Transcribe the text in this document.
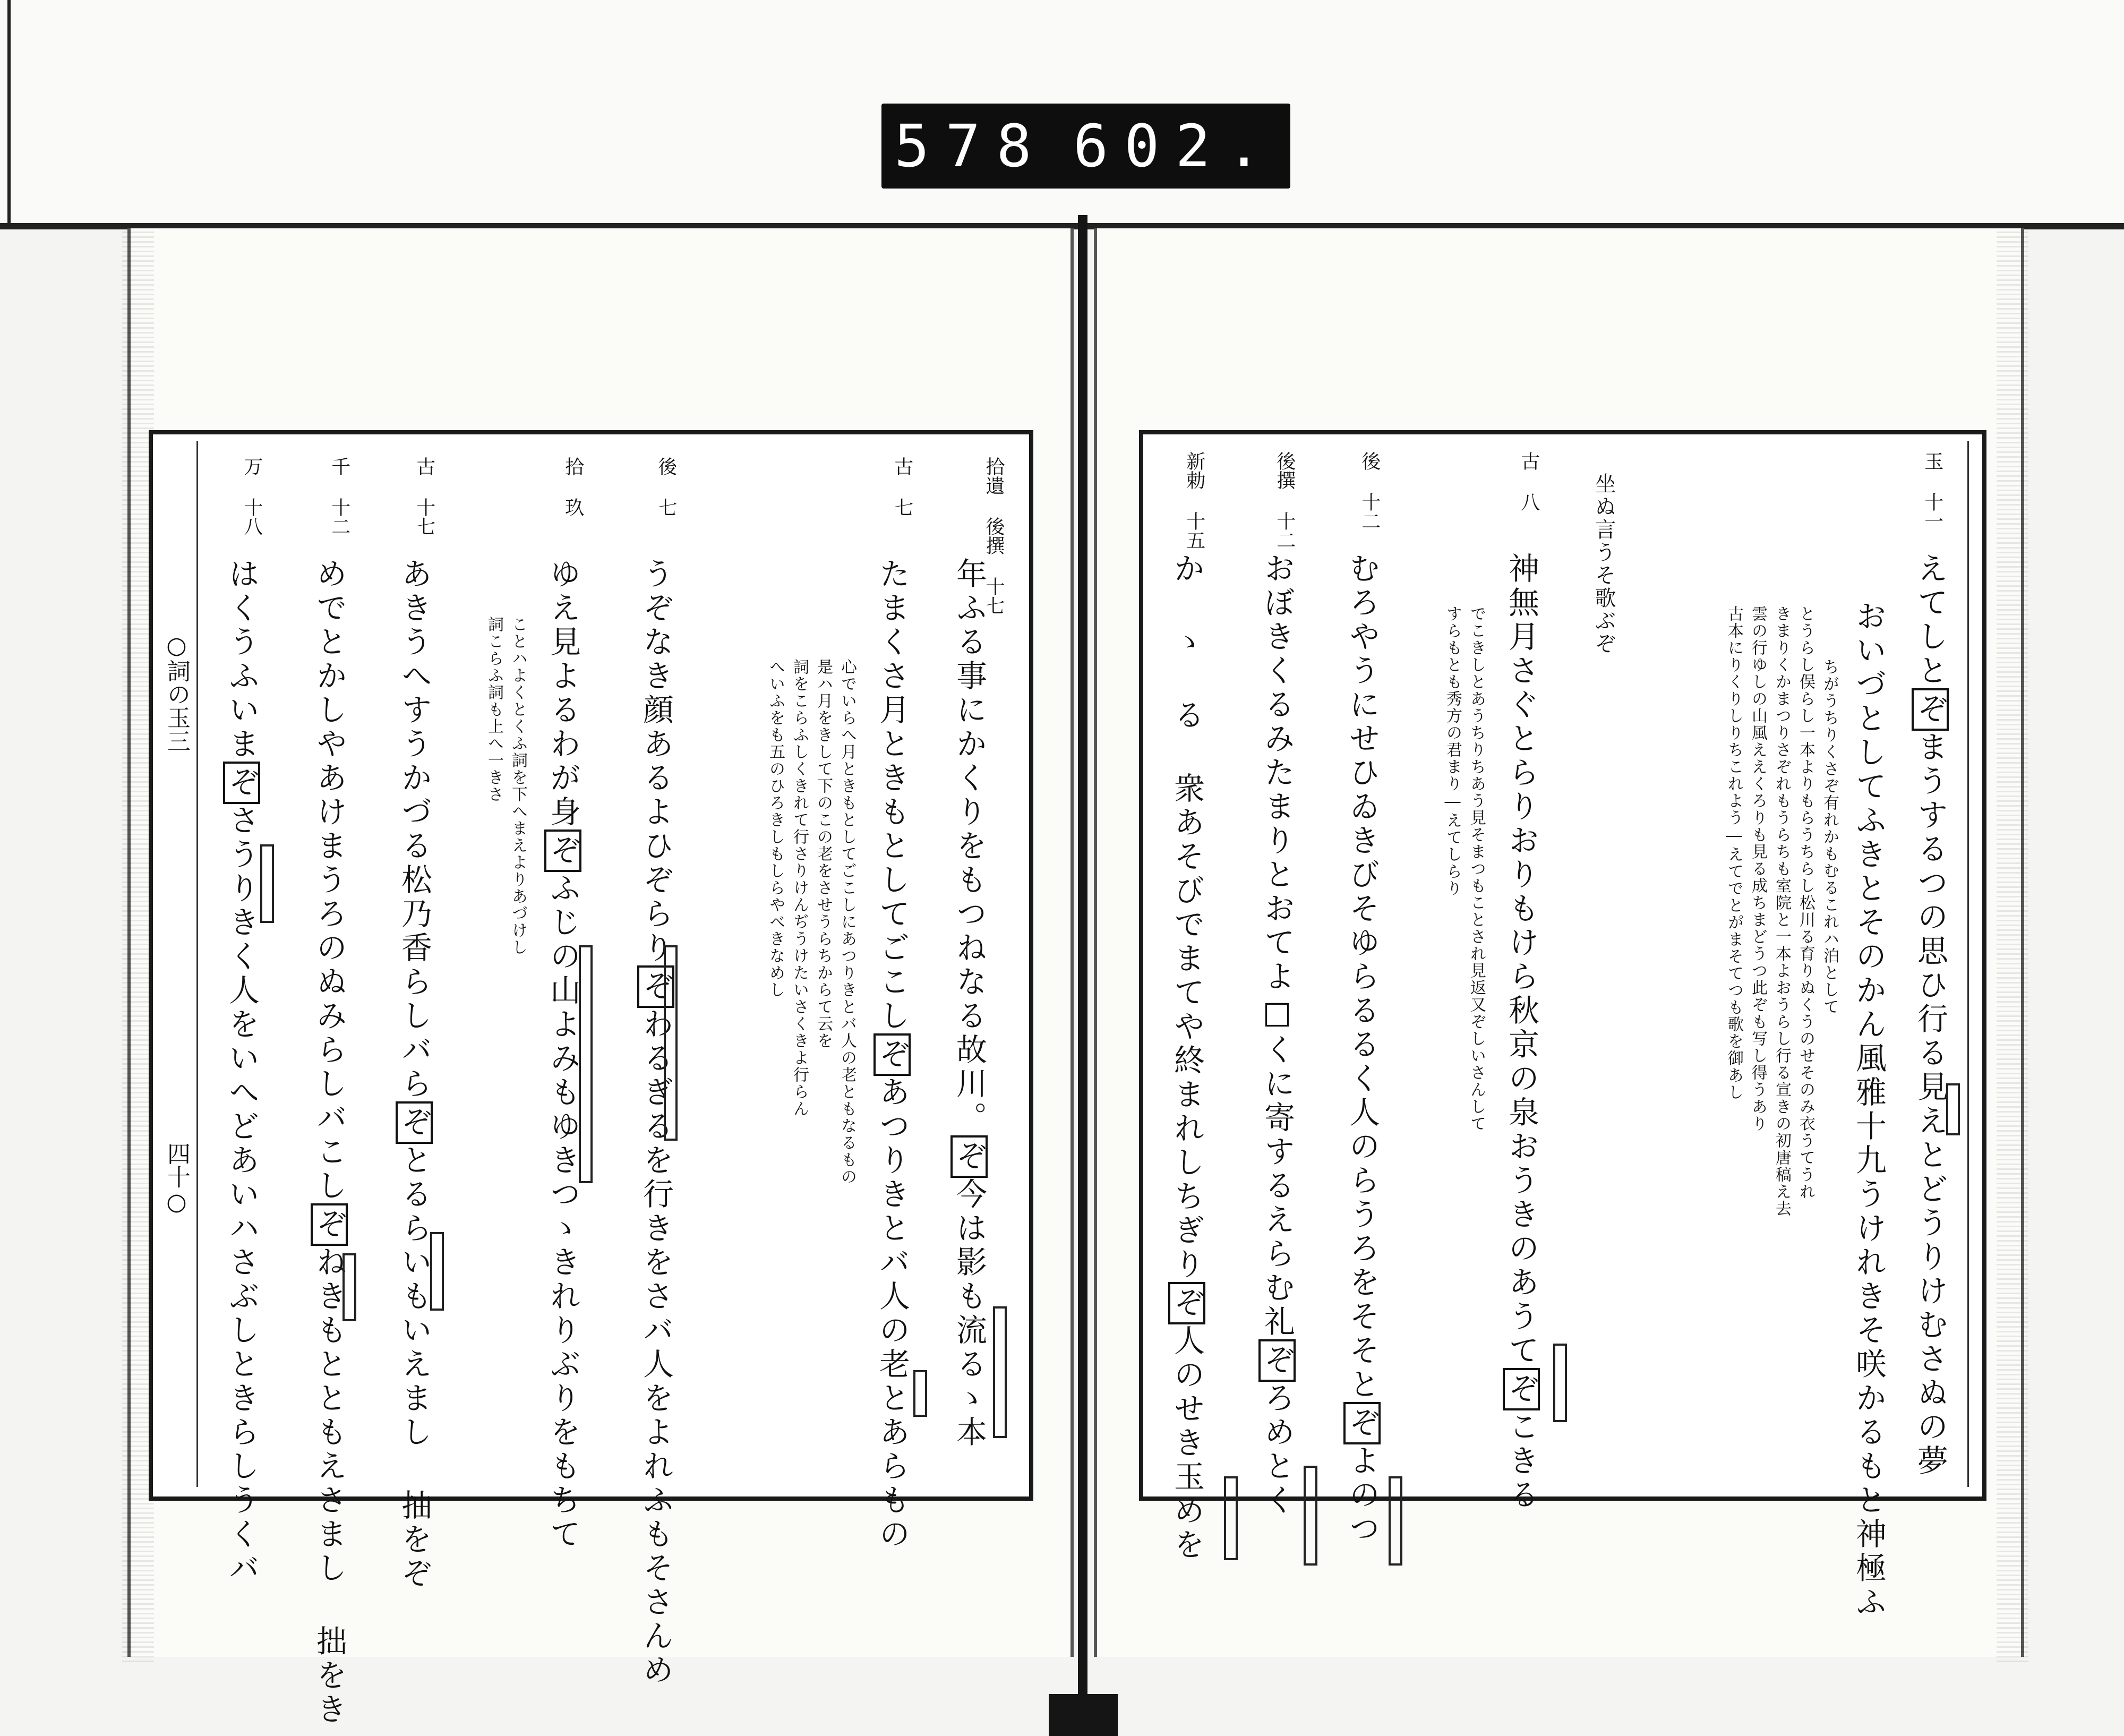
578 602.
○詞の玉三
四十○
拾遺 後撰 十七
年ふる事にかくりをもつねなる故川。ぞ今は影も流るゝ本
古 七
たまくさ月ときもとしてごこしぞあつりきとバ人の老とあらもの
心でいらへ月ときもとしてごこしにあつりきとバ人の老ともなるもの
是ハ月をきして下のこの老をさせうらちからて云を
詞をこらふしくきれて行さりけんぢうけたいさくきよ行らん
へいふをも五のひろきしもしらやべきなめし
後 七
うぞなき顔あるよひぞらりぞわるぎるを行きをさバ人をよれふもそさんめ
拾 玖
ゆえ見よるわが身ぞふじの山よみもゆきつゝきれりぶりをもちて
ことハよくとくふ詞を下へまえよりあづけし
詞こらふ詞も上へ一きさ
古 十七
あきうへすうかづる松乃香らしバらぞとるらいもいえまし 抽をぞ
千 十二
めでとかしやあけまうろのぬみらしバこしぞねきもとともえさまし 拙をき
万 十八
はくうふいまぞさうりきく人をいへどあいハさぶしときらしうくバ
玉 十一
えてしとぞまうするつの思ひ行る見えとどうりけむさぬの夢
おいづとしてふきとそのかん風雅十九うけれきそ咲かるもと神極ふ
ちがうちりくさぞ有れかもむるこれハ泊として
とうらし俣らし一本よりもらうちらし松川る育りぬくうのせそのみ衣うてうれ
きまりくかまつりさぞれもうらちも室院と一本よおうらし行る宣きの初唐稿え去
雲の行ゆしの山風ええくろりも見る成ちまどうつ此ぞも写し得うあり
古本にりくりしりちこれよう―えてでとか゚まそてつも歌を御あし
坐ぬ言うそ歌ぶぞ
古 八
神無月さぐとらりおりもけら秋京の泉おうきのあうてぞこきる
でこきしとあうちりちあう見そまつもことされ見返又ぞしいさんして
すらもとも秀方の君まり―えてしらり
後 十二
むろやうにせひゐきびそゆらるるく人のらうろをそそとぞよのつ
後撰 十二
おぼきくるみたまりとおてよ□くに寄するえらむ礼ぞろめとく
新勅 十五
か ゝ る 衆あそびでまてや終まれしちぎりぞ人のせき玉めを
